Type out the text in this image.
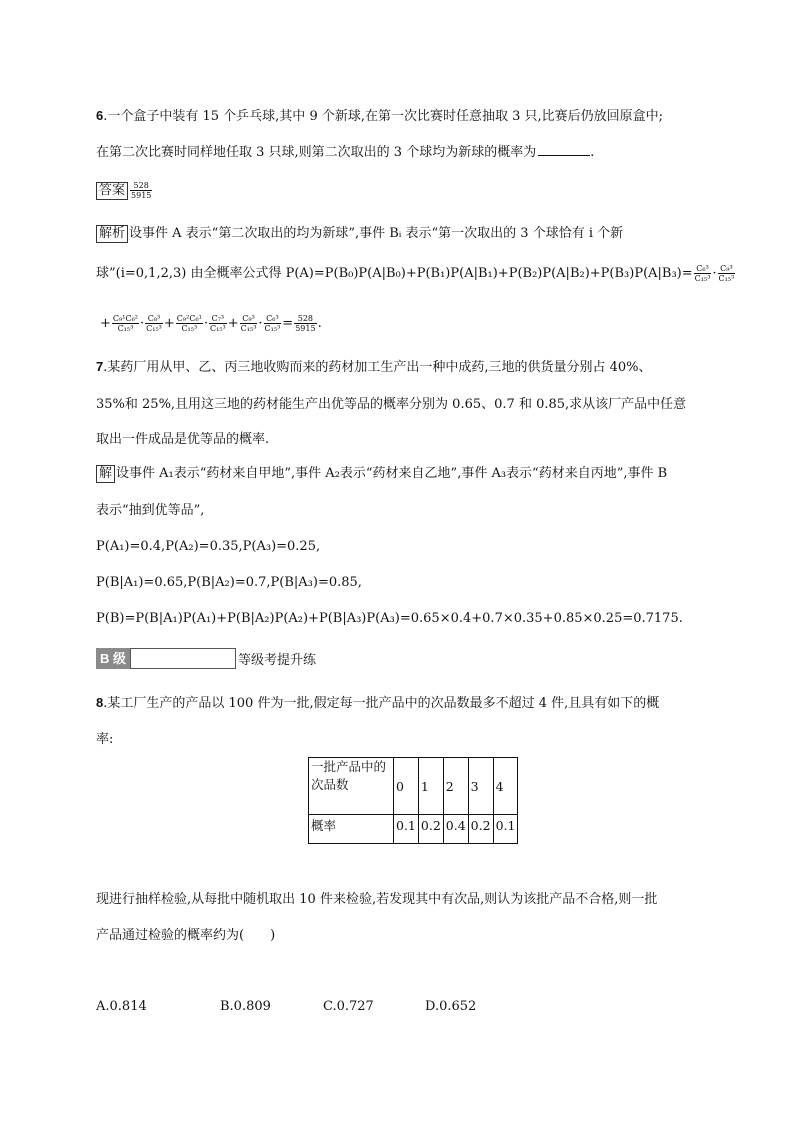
6.一个盒子中装有 15 个乒乓球,其中 9 个新球,在第一次比赛时任意抽取 3 只,比赛后仍放回原盒中;
在第二次比赛时同样地任取 3 只球,则第二次取出的 3 个球均为新球的概率为	.
答案 $\frac{528}{5915}$
解析 设事件 A 表示“第二次取出的均为新球”,事件 Bᵢ 表示“第一次取出的 3 个球恰有 i 个新
球”(i=0,1,2,3) 由全概率公式得 $P(A)=P(B_0)P(A|B_0)+P(B_1)P(A|B_1)+P(B_2)P(A|B_2)+P(B_3)P(A|B_3)= \frac{\text{C₆³}}{\text{C₁₅³}} \cdot \frac{\text{C₉³}}{\text{C₁₅³}}$
+ $\frac{\text{C₉¹C₆²}}{\text{C₁₅³}} \cdot \frac{\text{C₈³}}{\text{C₁₅³}} + \frac{\text{C₉²C₆¹}}{\text{C₁₅³}} \cdot \frac{\text{C₇³}}{\text{C₁₅³}} + \frac{\text{C₉³}}{\text{C₁₅³}} \cdot \frac{\text{C₆³}}{\text{C₁₅³}} = \frac{528}{5915}$ .
7.某药厂用从甲、乙、丙三地收购而来的药材加工生产出一种中成药,三地的供货量分别占 40%、
35%和 25%,且用这三地的药材能生产出优等品的概率分别为 0.65、0.7 和 0.85,求从该厂产品中任意
取出一件成品是优等品的概率.
解 设事件 A₁表示“药材来自甲地”,事件 A₂表示“药材来自乙地”,事件 A₃表示“药材来自丙地”,事件 B
表示“抽到优等品”,
P(A₁)=0.4,P(A₂)=0.35,P(A₃)=0.25,
P(B|A₁)=0.65,P(B|A₂)=0.7,P(B|A₃)=0.85,
P(B)=P(B|A₁)P(A₁)+P(B|A₂)P(A₂)+P(B|A₃)P(A₃)=0.65×0.4+0.7×0.35+0.85×0.25=0.7175.
B 级	等级考提升练
8.某工厂生产的产品以 100 件为一批,假定每一批产品中的次品数最多不超过 4 件,且具有如下的概
率:
一批产品中的次品数	0	1	2	3	4
概率	0.1	0.2	0.4	0.2	0.1
现进行抽样检验,从每批中随机取出 10 件来检验,若发现其中有次品,则认为该批产品不合格,则一批
产品通过检验的概率约为(　　)
A.0.814	B.0.809	C.0.727	D.0.652
